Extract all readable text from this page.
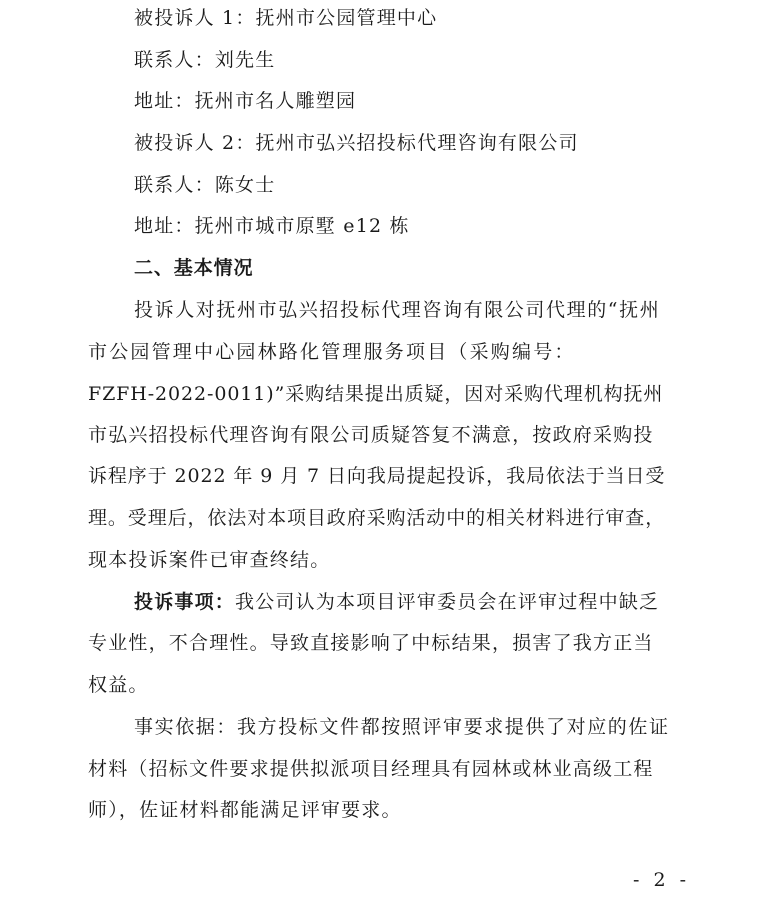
被投诉人 1：抚州市公园管理中心
联系人：刘先生
地址：抚州市名人雕塑园
被投诉人 2：抚州市弘兴招投标代理咨询有限公司
联系人：陈女士
地址：抚州市城市原墅 e12 栋
二、基本情况
投诉人对抚州市弘兴招投标代理咨询有限公司代理的“抚州
市公园管理中心园林路化管理服务项目（采购编号：
FZFH-2022-0011)”采购结果提出质疑，因对采购代理机构抚州
市弘兴招投标代理咨询有限公司质疑答复不满意，按政府采购投
诉程序于 2022 年 9 月 7 日向我局提起投诉，我局依法于当日受
理。受理后，依法对本项目政府采购活动中的相关材料进行审查，
现本投诉案件已审查终结。
投诉事项：我公司认为本项目评审委员会在评审过程中缺乏
专业性，不合理性。导致直接影响了中标结果，损害了我方正当
权益。
事实依据：我方投标文件都按照评审要求提供了对应的佐证
材料（招标文件要求提供拟派项目经理具有园林或林业高级工程
师），佐证材料都能满足评审要求。
- 2 -
